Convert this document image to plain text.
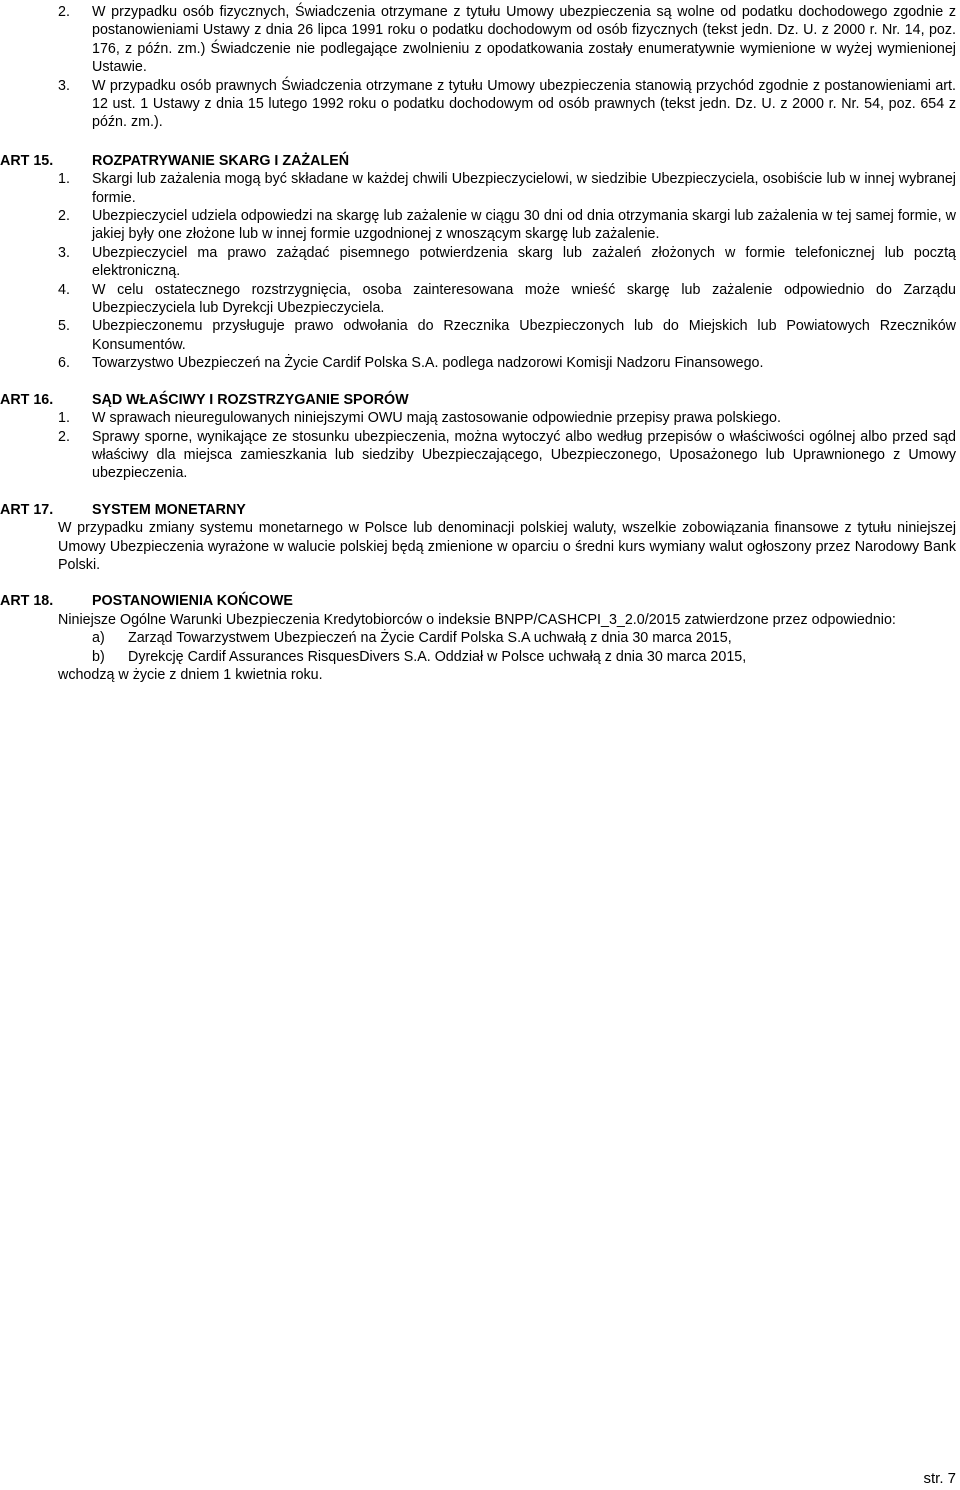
2. W przypadku osób fizycznych, Świadczenia otrzymane z tytułu Umowy ubezpieczenia są wolne od podatku dochodowego zgodnie z postanowieniami Ustawy z dnia 26 lipca 1991 roku o podatku dochodowym od osób fizycznych (tekst jedn. Dz. U. z 2000 r. Nr. 14, poz. 176, z późn. zm.) Świadczenie nie podlegające zwolnieniu z opodatkowania zostały enumeratywnie wymienione w wyżej wymienionej Ustawie.
3. W przypadku osób prawnych Świadczenia otrzymane z tytułu Umowy ubezpieczenia stanowią przychód zgodnie z postanowieniami art. 12 ust. 1 Ustawy z dnia 15 lutego 1992 roku o podatku dochodowym od osób prawnych (tekst jedn. Dz. U. z 2000 r. Nr. 54, poz. 654 z późn. zm.).
ART 15.	ROZPATRYWANIE SKARG I ZAŻALEŃ
1. Skargi lub zażalenia mogą być składane w każdej chwili Ubezpieczycielowi, w siedzibie Ubezpieczyciela, osobiście lub w innej wybranej formie.
2. Ubezpieczyciel udziela odpowiedzi na skargę lub zażalenie w ciągu 30 dni od dnia otrzymania skargi lub zażalenia w tej samej formie, w jakiej były one złożone lub w innej formie uzgodnionej z wnoszącym skargę lub zażalenie.
3. Ubezpieczyciel ma prawo zażądać pisemnego potwierdzenia skarg lub zażaleń złożonych w formie telefonicznej lub pocztą elektroniczną.
4. W celu ostatecznego rozstrzygnięcia, osoba zainteresowana może wnieść skargę lub zażalenie odpowiednio do Zarządu Ubezpieczyciela lub Dyrekcji Ubezpieczyciela.
5. Ubezpieczonemu przysługuje prawo odwołania do Rzecznika Ubezpieczonych lub do Miejskich lub Powiatowych Rzeczników Konsumentów.
6. Towarzystwo Ubezpieczeń na Życie Cardif Polska S.A. podlega nadzorowi Komisji Nadzoru Finansowego.
ART 16.	SĄD WŁAŚCIWY I ROZSTRZYGANIE SPORÓW
1. W sprawach nieuregulowanych niniejszymi OWU mają zastosowanie odpowiednie przepisy prawa polskiego.
2. Sprawy sporne, wynikające ze stosunku ubezpieczenia, można wytoczyć albo według przepisów o właściwości ogólnej albo przed sąd właściwy dla miejsca zamieszkania lub siedziby Ubezpieczającego, Ubezpieczonego, Uposażonego lub Uprawnionego z Umowy ubezpieczenia.
ART 17.	SYSTEM MONETARNY
W przypadku zmiany systemu monetarnego w Polsce lub denominacji polskiej waluty, wszelkie zobowiązania finansowe z tytułu niniejszej Umowy Ubezpieczenia wyrażone w walucie polskiej będą zmienione w oparciu o średni kurs wymiany walut ogłoszony przez Narodowy Bank Polski.
ART 18.	POSTANOWIENIA KOŃCOWE
Niniejsze Ogólne Warunki Ubezpieczenia Kredytobiorców o indeksie BNPP/CASHCPI_3_2.0/2015 zatwierdzone przez odpowiednio:
a) Zarząd Towarzystwem Ubezpieczeń na Życie Cardif Polska S.A uchwałą z dnia 30 marca 2015,
b) Dyrekcję Cardif Assurances RisquesDivers S.A. Oddział w Polsce uchwałą z dnia 30 marca 2015,
wchodzą w życie z dniem 1 kwietnia roku.
str. 7
